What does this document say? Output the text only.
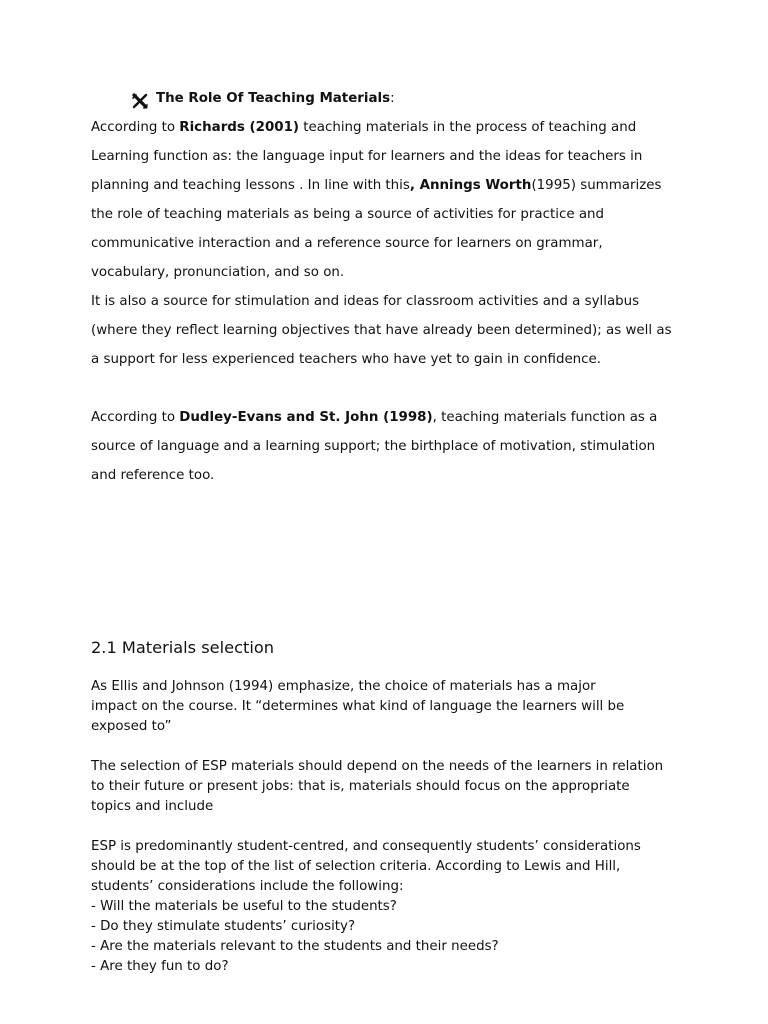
The Role Of Teaching Materials :

According to Richards (2001) teaching materials in the process of teaching and
Learning function as: the language input for learners and the ideas for teachers in
planning and teaching lessons . In line with this, Annings Worth(1995) summarizes
the role of teaching materials as being a source of activities for practice and
communicative interaction and a reference source for learners on grammar,
vocabulary, pronunciation, and so on.

It is also a source for stimulation and ideas for classroom activities and a syllabus
(where they reflect learning objectives that have already been determined); as well as
a support for less experienced teachers who have yet to gain in confidence.

According to Dudley-Evans and St. John (1998), teaching materials function as a
source of language and a learning support; the birthplace of motivation, stimulation
and reference too.

2.1 Materials selection

As Ellis and Johnson (1994) emphasize, the choice of materials has a major
impact on the course. It “determines what kind of language the learners will be
exposed to”

The selection of ESP materials should depend on the needs of the learners in relation
to their future or present jobs: that is, materials should focus on the appropriate
topics and include

ESP is predominantly student-centred, and consequently students’ considerations
should be at the top of the list of selection criteria. According to Lewis and Hill,
students’ considerations include the following:

- Will the materials be useful to the students?
- Do they stimulate students’ curiosity?
- Are the materials relevant to the students and their needs?
- Are they fun to do?
